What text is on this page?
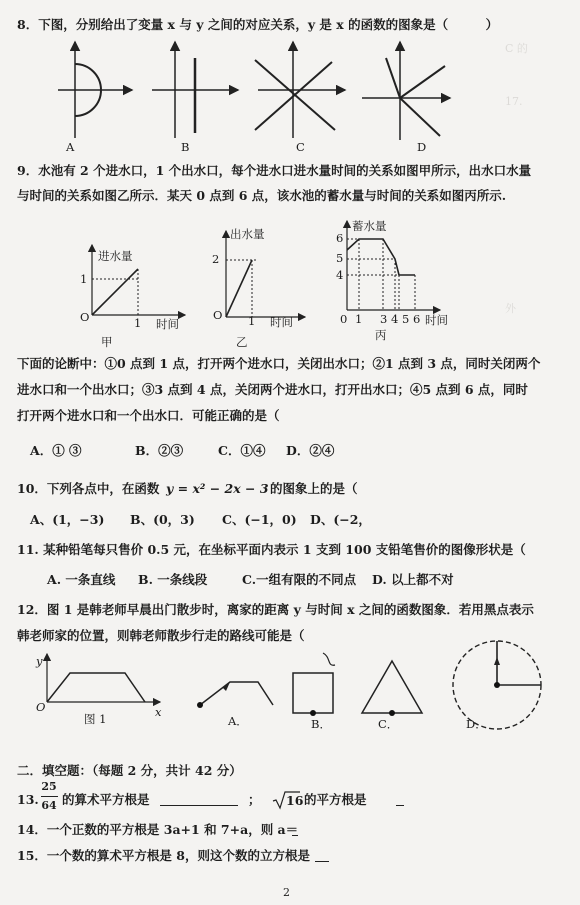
C 的
17.
外
8．下图，分别给出了变量 x 与 y 之间的对应关系，y 是 x 的函数的图象是（　　　）
A	B	C	D
9．水池有 2 个进水口，1 个出水口，每个进水口进水量时间的关系如图甲所示，出水口水量
与时间的关系如图乙所示．某天 0 点到 6 点，该水池的蓄水量与时间的关系如图丙所示.
进水量
1
O	1 时间
甲
出水量
2
O 1 时间
乙
蓄水量
6
5
4
0 1 3 4 5 6 时间
丙
下面的论断中：①0 点到 1 点，打开两个进水口，关闭出水口；②1 点到 3 点，同时关闭两个
进水口和一个出水口；③3 点到 4 点，关闭两个进水口，打开出水口；④5 点到 6 点，同时
打开两个进水口和一个出水口．可能正确的是（
A．① ③	B．②③	C．①④ D．②④
10．下列各点中，在函数 y = x² − 2x − 3 的图象上的是（
A、(1，−3) B、(0，3) C、(−1，0) D、(−2，
11. 某种铅笔每只售价 0.5 元，在坐标平面内表示 1 支到 100 支铅笔售价的图像形状是（
A. 一条直线 B. 一条线段	C.一组有限的不同点 D. 以上都不对
12．图 1 是韩老师早晨出门散步时，离家的距离 y 与时间 x 之间的函数图象．若用黑点表示
韩老师家的位置，则韩老师散步行走的路线可能是（
y
O	x
图 1	A．	B．	C．	D．
二．填空题：（每题 2 分，共计 42 分）
13.
25
64 的算术平方根是	； 16 的平方根是
14．一个正数的平方根是 3a+1 和 7+a，则 a＝
15．一个数的算术平方根是 8，则这个数的立方根是
2
